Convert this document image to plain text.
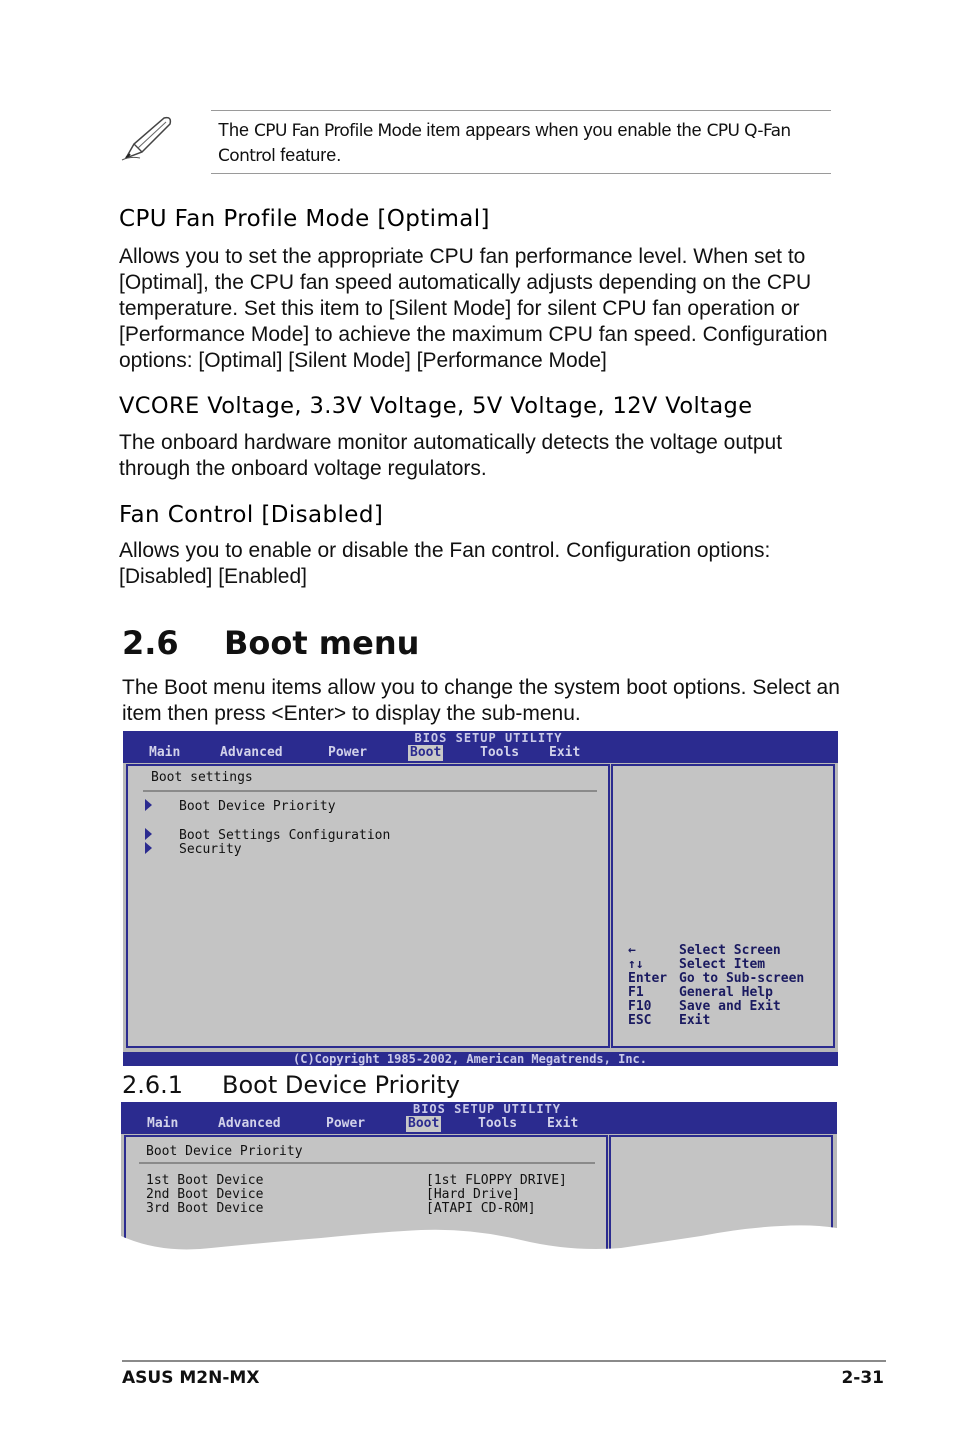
The CPU Fan Profile Mode item appears when you enable the CPU Q-Fan Control feature.
CPU Fan Profile Mode [Optimal]
Allows you to set the appropriate CPU fan performance level. When set to [Optimal], the CPU fan speed automatically adjusts depending on the CPU temperature. Set this item to [Silent Mode] for silent CPU fan operation or [Performance Mode] to achieve the maximum CPU fan speed. Configuration options: [Optimal] [Silent Mode] [Performance Mode]
VCORE Voltage, 3.3V Voltage, 5V Voltage, 12V Voltage
The onboard hardware monitor automatically detects the voltage output through the onboard voltage regulators.
Fan Control [Disabled]
Allows you to enable or disable the Fan control. Configuration options: [Disabled] [Enabled]
2.6 Boot menu
The Boot menu items allow you to change the system boot options. Select an item then press <Enter> to display the sub-menu.
BIOS SETUP UTILITY
Main	Advanced	Power	Boot	Tools Exit
Boot settings
Boot Device Priority
Boot Settings Configuration
Security
←	Select Screen
↑↓	Select Item
Enter Go to Sub-screen
F1	General Help
F10 Save and Exit
ESC Exit
(C)Copyright 1985-2002, American Megatrends, Inc.
2.6.1 Boot Device Priority
BIOS SETUP UTILITY
Main	Advanced	Power	Boot	Tools Exit
Boot Device Priority
1st Boot Device	[1st FLOPPY DRIVE]
2nd Boot Device	[Hard Drive]
3rd Boot Device	[ATAPI CD-ROM]
ASUS M2N-MX	2-31
